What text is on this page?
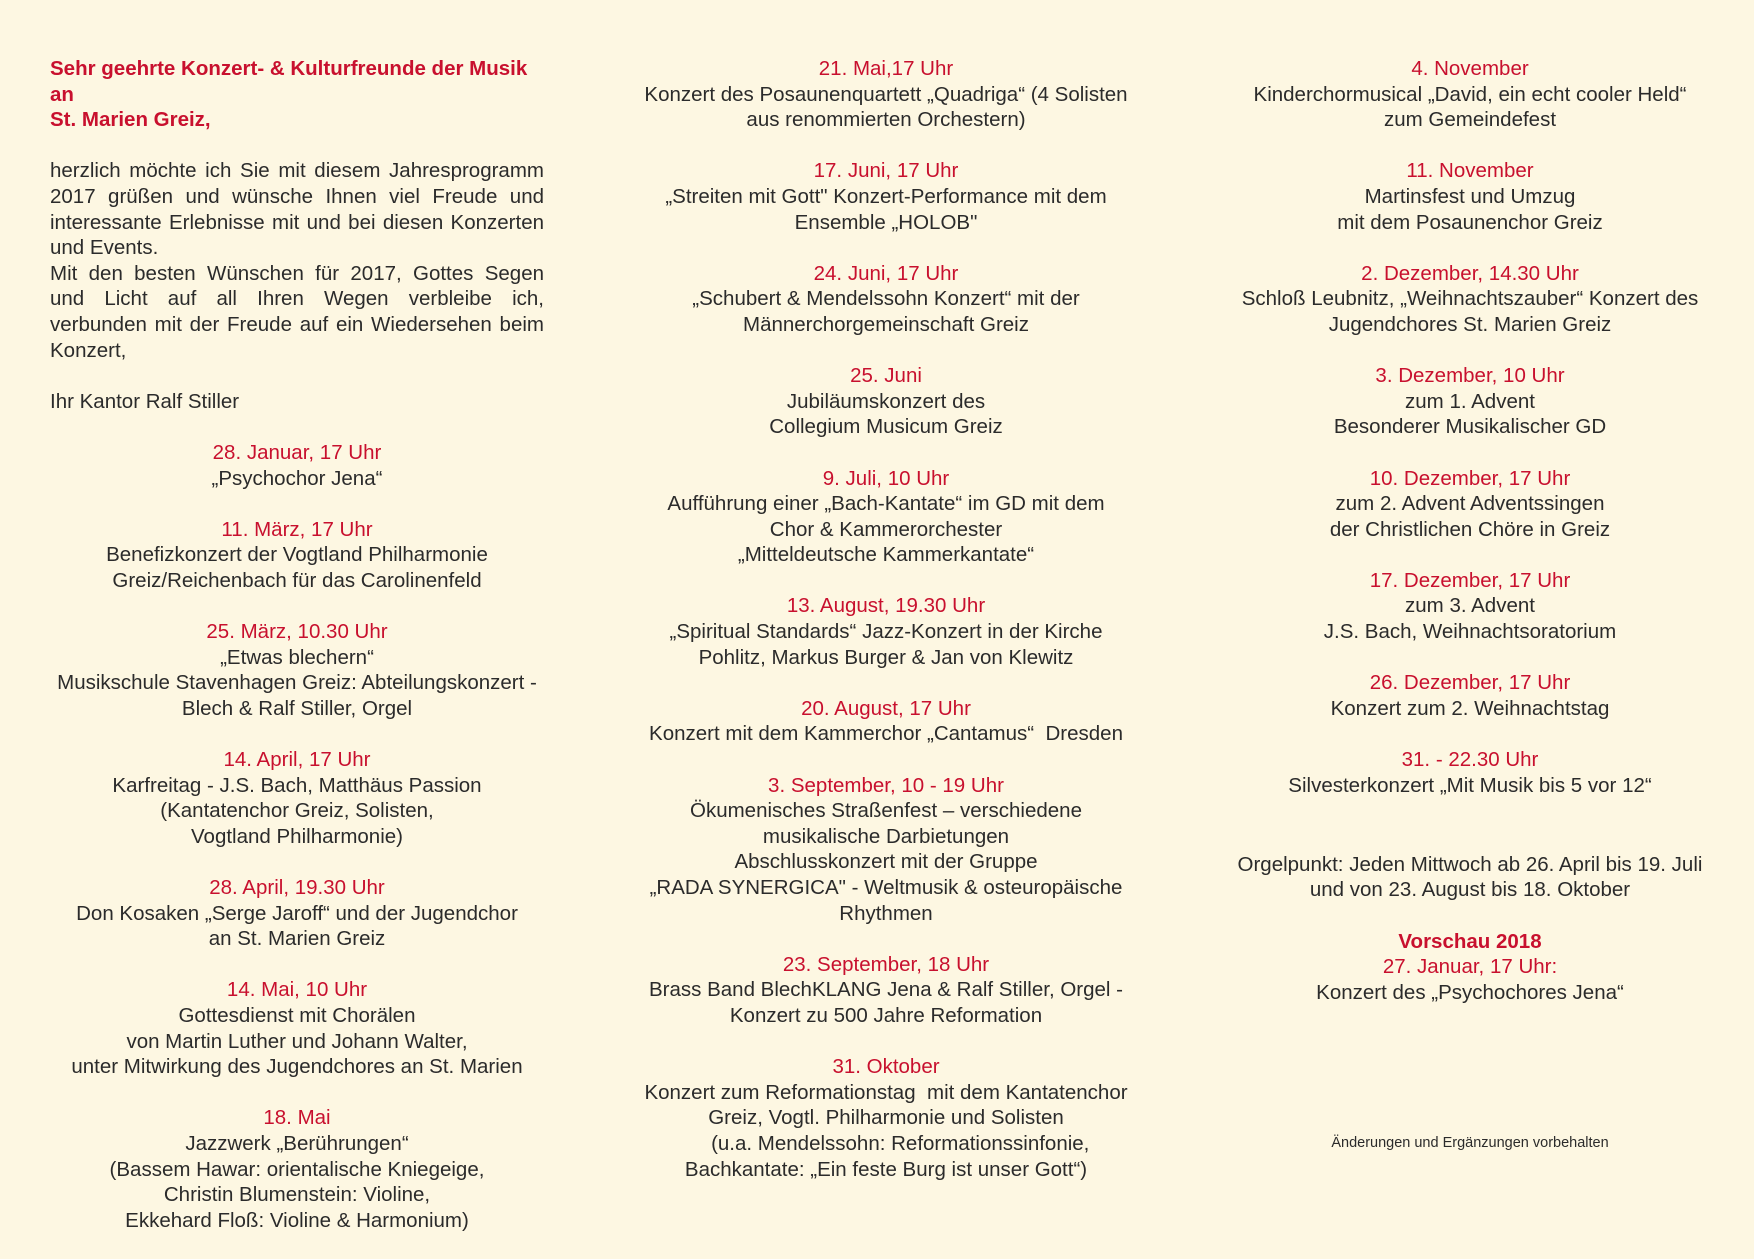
Sehr geehrte Konzert- & Kulturfreunde der Musik an
St. Marien Greiz,

herzlich möchte ich Sie mit diesem Jahresprogramm 2017 grüßen und wünsche Ihnen viel Freude und interessante Erlebnisse mit und bei diesen Konzerten und Events.

Mit den besten Wünschen für 2017, Gottes Segen und Licht auf all Ihren Wegen verbleibe ich, verbunden mit der Freude auf ein Wiedersehen beim Konzert,

Ihr Kantor Ralf Stiller

28. Januar, 17 Uhr
„Psychochor Jena“
11. März, 17 Uhr
Benefizkonzert der Vogtland Philharmonie
Greiz/Reichenbach für das Carolinenfeld
25. März, 10.30 Uhr
„Etwas blechern“
Musikschule Stavenhagen Greiz: Abteilungskonzert -
Blech & Ralf Stiller, Orgel
14. April, 17 Uhr
Karfreitag - J.S. Bach, Matthäus Passion
(Kantatenchor Greiz, Solisten,
Vogtland Philharmonie)
28. April, 19.30 Uhr
Don Kosaken „Serge Jaroff“ und der Jugendchor
an St. Marien Greiz
14. Mai, 10 Uhr
Gottesdienst mit Chorälen
von Martin Luther und Johann Walter,
unter Mitwirkung des Jugendchores an St. Marien
18. Mai
Jazzwerk „Berührungen“
(Bassem Hawar: orientalische Kniegeige,
Christin Blumenstein: Violine,
Ekkehard Floß: Violine & Harmonium)
21. Mai,17 Uhr
Konzert des Posaunenquartett „Quadriga“ (4 Solisten
aus renommierten Orchestern)
17. Juni, 17 Uhr
„Streiten mit Gott" Konzert-Performance mit dem
Ensemble „HOLOB"
24. Juni, 17 Uhr
„Schubert & Mendelssohn Konzert“ mit der
Männerchorgemeinschaft Greiz
25. Juni
Jubiläumskonzert des
Collegium Musicum Greiz
9. Juli, 10 Uhr
Aufführung einer „Bach-Kantate“ im GD mit dem
Chor & Kammerorchester
„Mitteldeutsche Kammerkantate“
13. August, 19.30 Uhr
„Spiritual Standards“ Jazz-Konzert in der Kirche
Pohlitz, Markus Burger & Jan von Klewitz
20. August, 17 Uhr
Konzert mit dem Kammerchor „Cantamus“  Dresden
3. September, 10 - 19 Uhr
Ökumenisches Straßenfest – verschiedene
musikalische Darbietungen
Abschlusskonzert mit der Gruppe
„RADA SYNERGICA" - Weltmusik & osteuropäische
Rhythmen
23. September, 18 Uhr
Brass Band BlechKLANG Jena & Ralf Stiller, Orgel -
Konzert zu 500 Jahre Reformation
31. Oktober
Konzert zum Reformationstag  mit dem Kantatenchor
Greiz, Vogtl. Philharmonie und Solisten
(u.a. Mendelssohn: Reformationssinfonie,
Bachkantate: „Ein feste Burg ist unser Gott“)
4. November
Kinderchormusical „David, ein echt cooler Held“
zum Gemeindefest
11. November
Martinsfest und Umzug
mit dem Posaunenchor Greiz
2. Dezember, 14.30 Uhr
Schloß Leubnitz, „Weihnachtszauber“ Konzert des
Jugendchores St. Marien Greiz
3. Dezember, 10 Uhr
zum 1. Advent
Besonderer Musikalischer GD
10. Dezember, 17 Uhr
zum 2. Advent Adventssingen
der Christlichen Chöre in Greiz
17. Dezember, 17 Uhr
zum 3. Advent
J.S. Bach, Weihnachtsoratorium
26. Dezember, 17 Uhr
Konzert zum 2. Weihnachtstag
31. - 22.30 Uhr
Silvesterkonzert „Mit Musik bis 5 vor 12“
Orgelpunkt: Jeden Mittwoch ab 26. April bis 19. Juli
und von 23. August bis 18. Oktober
Vorschau 2018
27. Januar, 17 Uhr:
Konzert des „Psychochores Jena“
Änderungen und Ergänzungen vorbehalten
